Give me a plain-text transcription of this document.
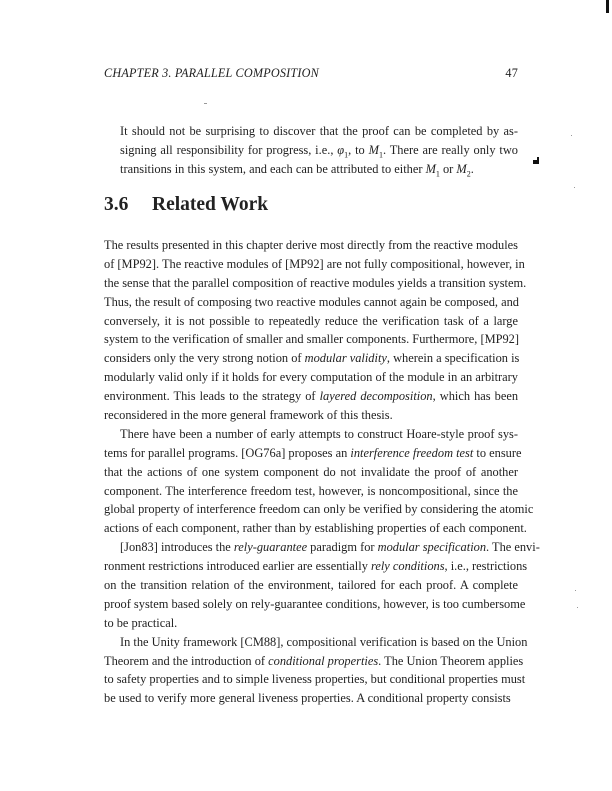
CHAPTER 3. PARALLEL COMPOSITION	47
It should not be surprising to discover that the proof can be completed by as-
signing all responsibility for progress, i.e., $\varphi_1$, to $M_1$. There are really only two
transitions in this system, and each can be attributed to either $M_1$ or $M_2$.
3.6 Related Work
The results presented in this chapter derive most directly from the reactive modules
of [MP92]. The reactive modules of [MP92] are not fully compositional, however, in
the sense that the parallel composition of reactive modules yields a transition system.
Thus, the result of composing two reactive modules cannot again be composed, and
conversely, it is not possible to repeatedly reduce the verification task of a large
system to the verification of smaller and smaller components. Furthermore, [MP92]
considers only the very strong notion of modular validity, wherein a specification is
modularly valid only if it holds for every computation of the module in an arbitrary
environment. This leads to the strategy of layered decomposition, which has been
reconsidered in the more general framework of this thesis.
There have been a number of early attempts to construct Hoare-style proof sys-
tems for parallel programs. [OG76a] proposes an interference freedom test to ensure
that the actions of one system component do not invalidate the proof of another
component. The interference freedom test, however, is noncompositional, since the
global property of interference freedom can only be verified by considering the atomic
actions of each component, rather than by establishing properties of each component.
[Jon83] introduces the rely-guarantee paradigm for modular specification. The envi-
ronment restrictions introduced earlier are essentially rely conditions, i.e., restrictions
on the transition relation of the environment, tailored for each proof. A complete
proof system based solely on rely-guarantee conditions, however, is too cumbersome
to be practical.
In the Unity framework [CM88], compositional verification is based on the Union
Theorem and the introduction of conditional properties. The Union Theorem applies
to safety properties and to simple liveness properties, but conditional properties must
be used to verify more general liveness properties. A conditional property consists
